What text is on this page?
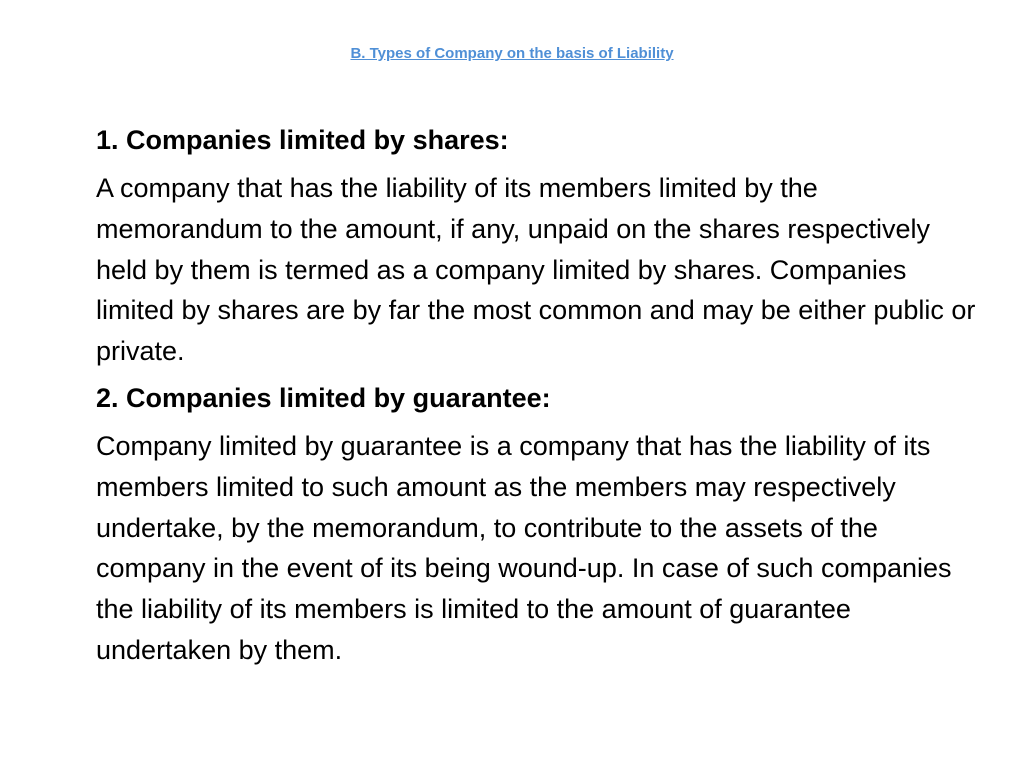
B. Types of Company on the basis of Liability

1. Companies limited by shares:

A company that has the liability of its members limited by the memorandum to the amount, if any, unpaid on the shares respectively held by them is termed as a company limited by shares. Companies limited by shares are by far the most common and may be either public or private.

2. Companies limited by guarantee:

Company limited by guarantee is a company that has the liability of its members limited to such amount as the members may respectively undertake, by the memorandum, to contribute to the assets of the company in the event of its being wound-up. In case of such companies the liability of its members is limited to the amount of guarantee undertaken by them.
